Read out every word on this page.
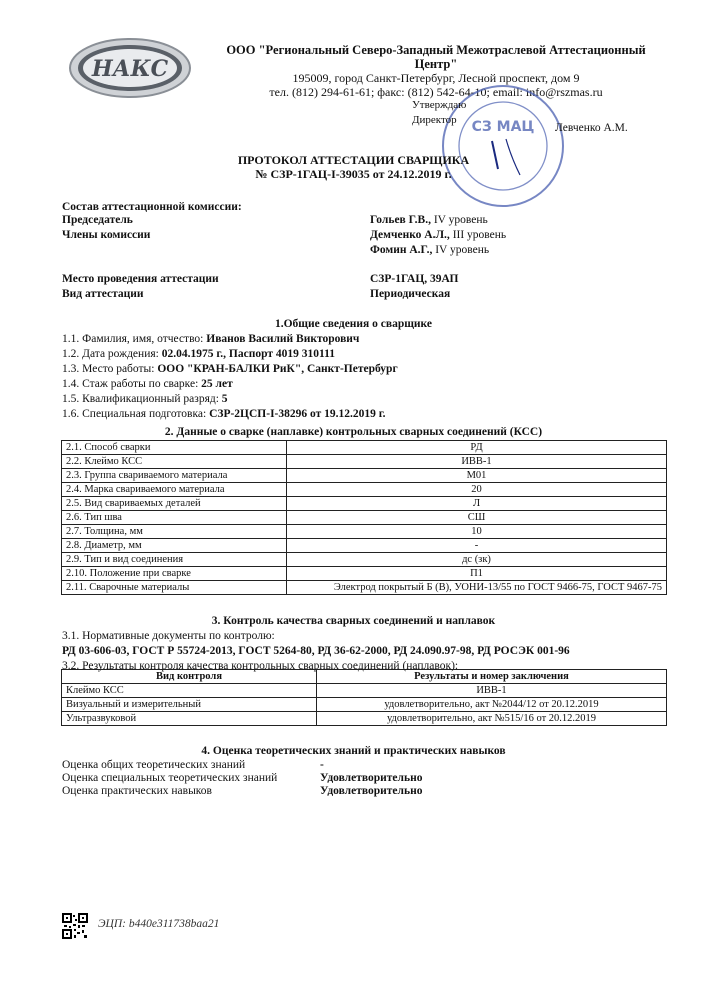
НАКС
ООО "Региональный Северо-Западный Межотраслевой Аттестационный Центр"
195009, город Санкт-Петербург, Лесной проспект, дом 9
тел. (812) 294-61-61; факс: (812) 542-64-10; email: info@rszmas.ru
СЗ МАЦ
Утверждаю
Директор
Левченко А.М.
ПРОТОКОЛ АТТЕСТАЦИИ СВАРЩИКА
№ СЗР-1ГАЦ-I-39035 от 24.12.2019 г.
Состав аттестационной комиссии:
Председатель	Гольев Г.В., IV уровень
Члены комиссии	Демченко А.Л., III уровень
Фомин А.Г., IV уровень
Место проведения аттестации	СЗР-1ГАЦ, 39АП
Вид аттестации	Периодическая
1.Общие сведения о сварщике
1.1. Фамилия, имя, отчество: Иванов Василий Викторович
1.2. Дата рождения: 02.04.1975 г., Паспорт 4019 310111
1.3. Место работы: ООО "КРАН-БАЛКИ РиК", Санкт-Петербург
1.4. Стаж работы по сварке: 25 лет
1.5. Квалификационный разряд: 5
1.6. Специальная подготовка: СЗР-2ЦСП-I-38296 от 19.12.2019 г.
2. Данные о сварке (наплавке) контрольных сварных соединений (КСС)
2.1. Способ сварки	РД
2.2. Клеймо КСС	ИВВ-1
2.3. Группа свариваемого материала	М01
2.4. Марка свариваемого материала	20
2.5. Вид свариваемых деталей	Л
2.6. Тип шва	СШ
2.7. Толщина, мм	10
2.8. Диаметр, мм	-
2.9. Тип и вид соединения	дс (зк)
2.10. Положение при сварке	П1
2.11. Сварочные материалы	Электрод покрытый Б (В), УОНИ-13/55 по ГОСТ 9466-75, ГОСТ 9467-75
3. Контроль качества сварных соединений и наплавок
3.1. Нормативные документы по контролю:
РД 03-606-03, ГОСТ Р 55724-2013, ГОСТ 5264-80, РД 36-62-2000, РД 24.090.97-98, РД РОСЭК 001-96
3.2. Результаты контроля качества контрольных сварных соединений (наплавок):
Вид контроля	Результаты и номер заключения
Клеймо КСС	ИВВ-1
Визуальный и измерительный	удовлетворительно, акт №2044/12 от 20.12.2019
Ультразвуковой	удовлетворительно, акт №515/16 от 20.12.2019
4. Оценка теоретических знаний и практических навыков
Оценка общих теоретических знаний	-
Оценка специальных теоретических знаний	Удовлетворительно
Оценка практических навыков	Удовлетворительно
ЭЦП: b440e311738baa21
